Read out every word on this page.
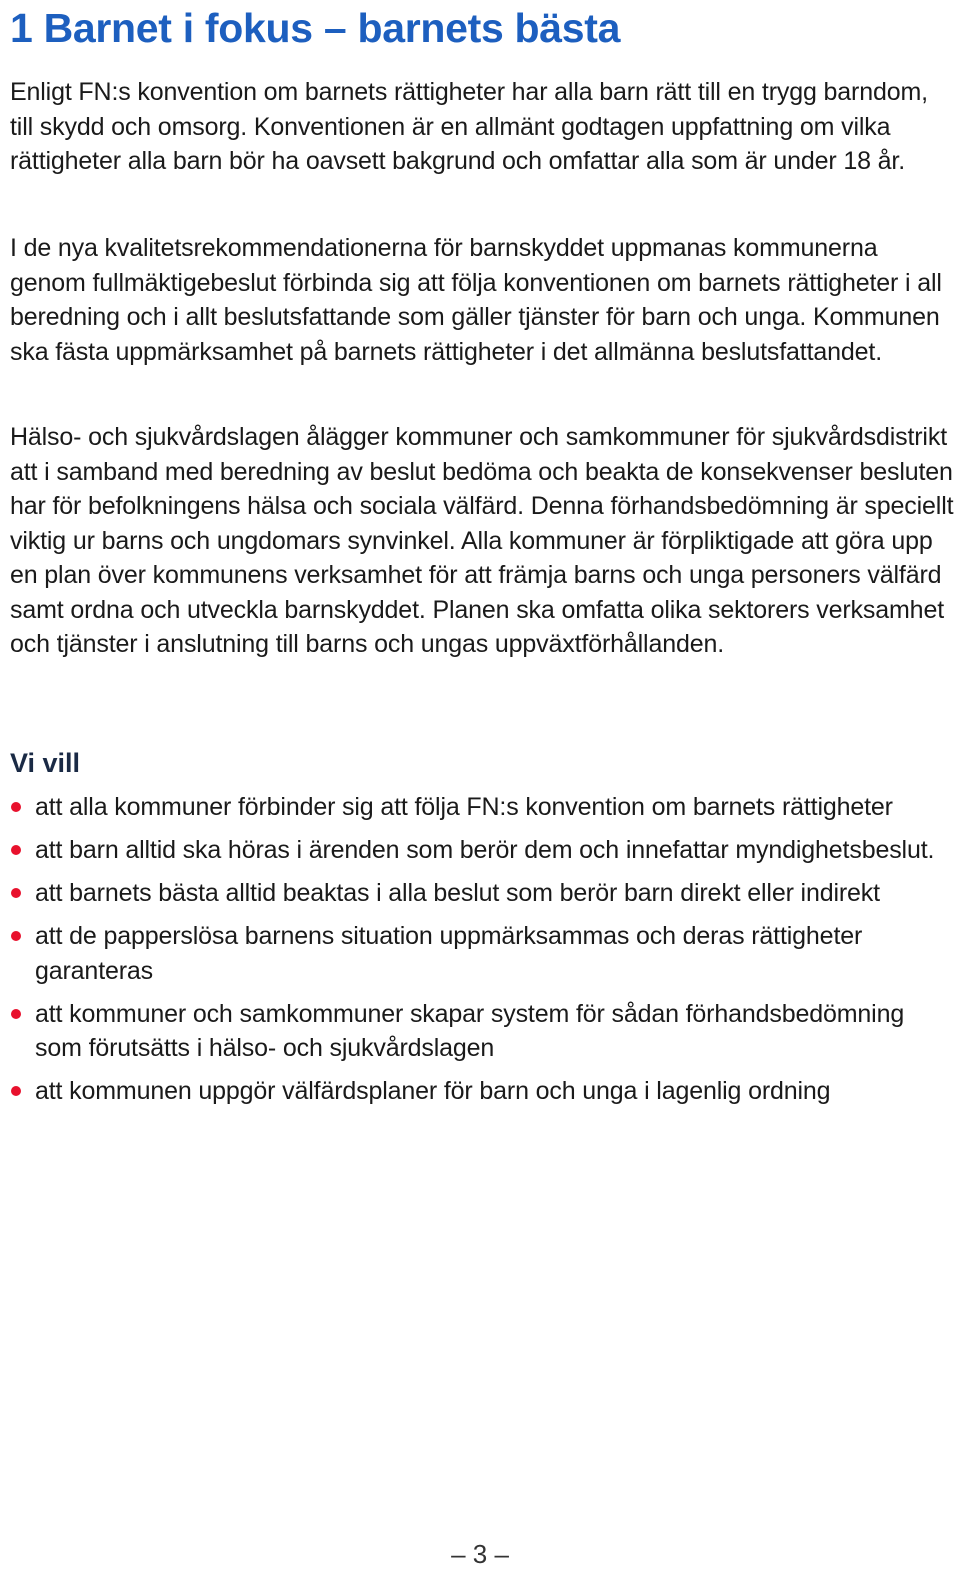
1 Barnet i fokus – barnets bästa

Enligt FN:s konvention om barnets rättigheter har alla barn rätt till en trygg barndom, till skydd och omsorg. Konventionen är en allmänt godtagen uppfattning om vilka rättigheter alla barn bör ha oavsett bakgrund och omfattar alla som är under 18 år.

I de nya kvalitetsrekommendationerna för barnskyddet uppmanas kommunerna genom fullmäktigebeslut förbinda sig att följa konventionen om barnets rättigheter i all beredning och i allt beslutsfattande som gäller tjänster för barn och unga. Kommunen ska fästa uppmärksamhet på barnets rättigheter i det allmänna beslutsfattandet.

Hälso- och sjukvårdslagen ålägger kommuner och samkommuner för sjukvårdsdistrikt att i samband med beredning av beslut bedöma och beakta de konsekvenser besluten har för befolkningens hälsa och sociala välfärd. Denna förhandsbedömning är speciellt viktig ur barns och ungdomars synvinkel. Alla kommuner är förpliktigade att göra upp en plan över kommunens verksamhet för att främja barns och unga personers välfärd samt ordna och utveckla barnskyddet. Planen ska omfatta olika sektorers verksamhet och tjänster i anslutning till barns och ungas uppväxtförhållanden.

Vi vill
att alla kommuner förbinder sig att följa FN:s konvention om barnets rättigheter
att barn alltid ska höras i ärenden som berör dem och innefattar myndighetsbeslut.
att barnets bästa alltid beaktas i alla beslut som berör barn direkt eller indirekt
att de papperslösa barnens situation uppmärksammas och deras rättigheter garanteras
att kommuner och samkommuner skapar system för sådan förhandsbedömning som förutsätts i hälso- och sjukvårdslagen
att kommunen uppgör välfärdsplaner för barn och unga i lagenlig ordning
– 3 –
